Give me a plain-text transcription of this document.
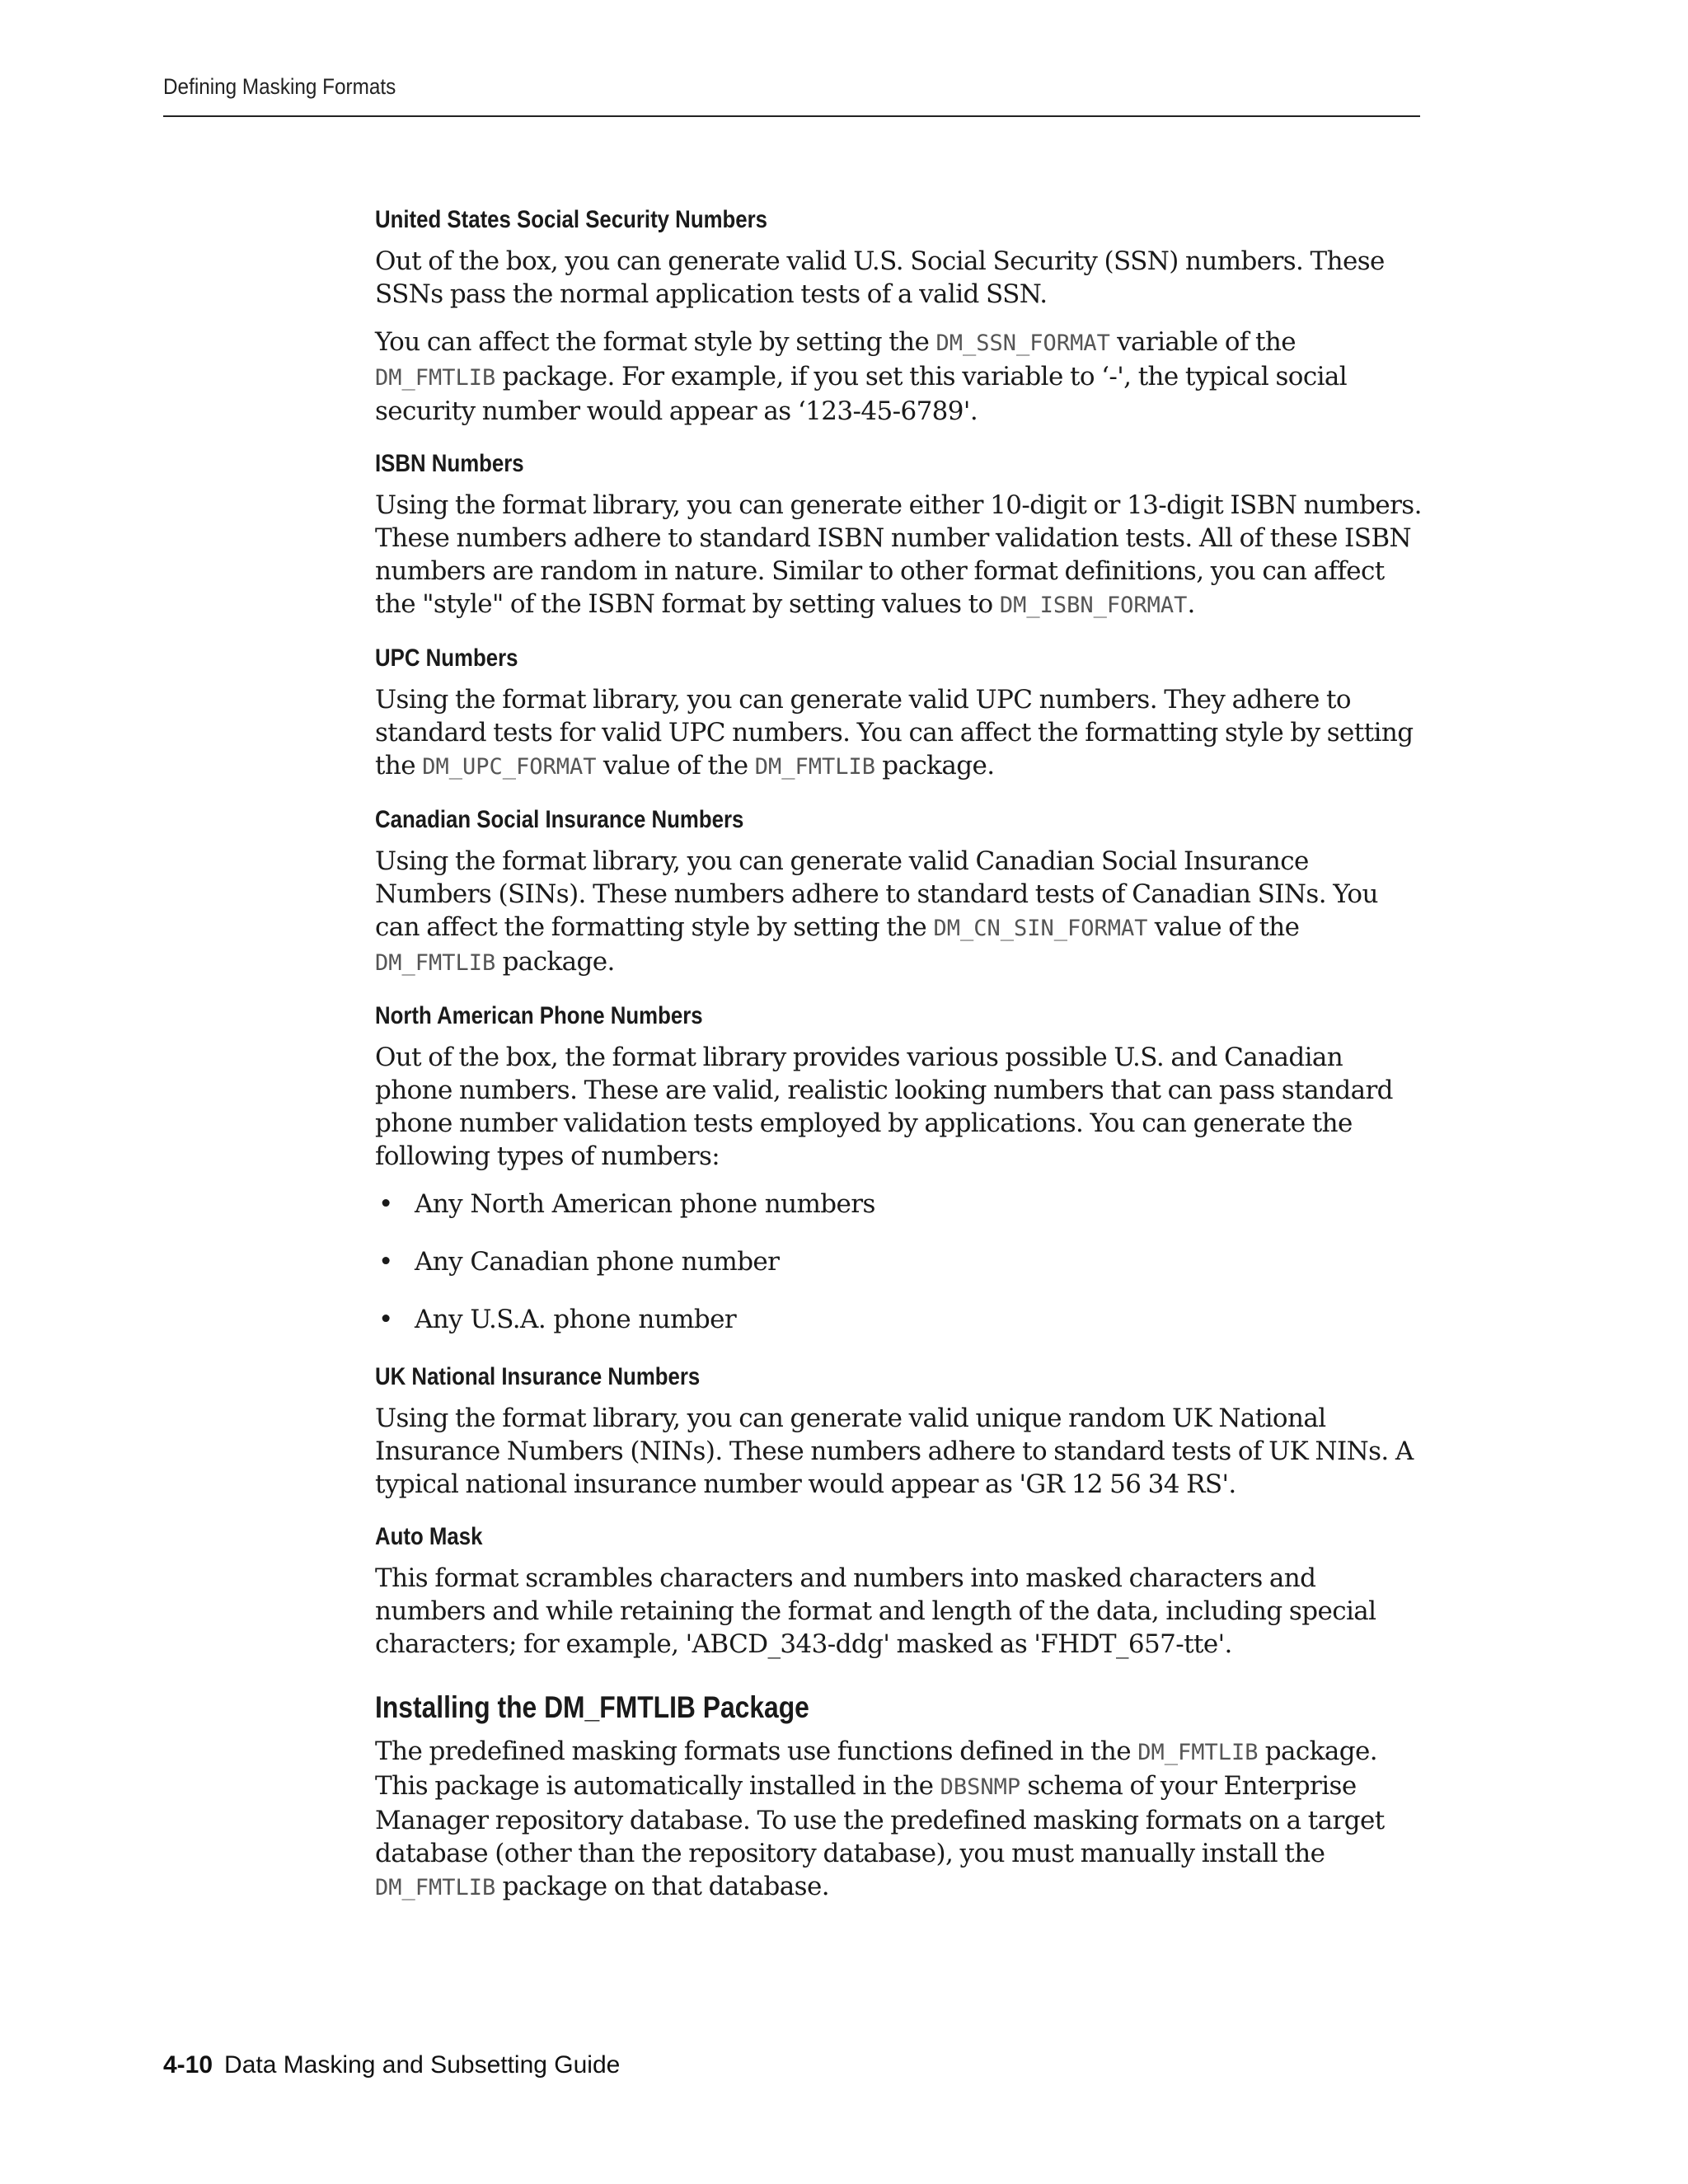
Defining Masking Formats
United States Social Security Numbers

Out of the box, you can generate valid U.S. Social Security (SSN) numbers. These SSNs pass the normal application tests of a valid SSN.

You can affect the format style by setting the DM_SSN_FORMAT variable of the DM_FMTLIB package. For example, if you set this variable to ‘-', the typical social security number would appear as ‘123-45-6789'.

ISBN Numbers

Using the format library, you can generate either 10-digit or 13-digit ISBN numbers. These numbers adhere to standard ISBN number validation tests. All of these ISBN numbers are random in nature. Similar to other format definitions, you can affect the "style" of the ISBN format by setting values to DM_ISBN_FORMAT.

UPC Numbers

Using the format library, you can generate valid UPC numbers. They adhere to standard tests for valid UPC numbers. You can affect the formatting style by setting the DM_UPC_FORMAT value of the DM_FMTLIB package.

Canadian Social Insurance Numbers

Using the format library, you can generate valid Canadian Social Insurance Numbers (SINs). These numbers adhere to standard tests of Canadian SINs. You can affect the formatting style by setting the DM_CN_SIN_FORMAT value of the DM_FMTLIB package.

North American Phone Numbers

Out of the box, the format library provides various possible U.S. and Canadian phone numbers. These are valid, realistic looking numbers that can pass standard phone number validation tests employed by applications. You can generate the following types of numbers:

• Any North American phone numbers
• Any Canadian phone number
• Any U.S.A. phone number
UK National Insurance Numbers

Using the format library, you can generate valid unique random UK National Insurance Numbers (NINs). These numbers adhere to standard tests of UK NINs. A typical national insurance number would appear as 'GR 12 56 34 RS'.

Auto Mask

This format scrambles characters and numbers into masked characters and numbers and while retaining the format and length of the data, including special characters; for example, 'ABCD_343-ddg' masked as 'FHDT_657-tte'.

Installing the DM_FMTLIB Package

The predefined masking formats use functions defined in the DM_FMTLIB package. This package is automatically installed in the DBSNMP schema of your Enterprise Manager repository database. To use the predefined masking formats on a target database (other than the repository database), you must manually install the DM_FMTLIB package on that database.

4-10 Data Masking and Subsetting Guide
